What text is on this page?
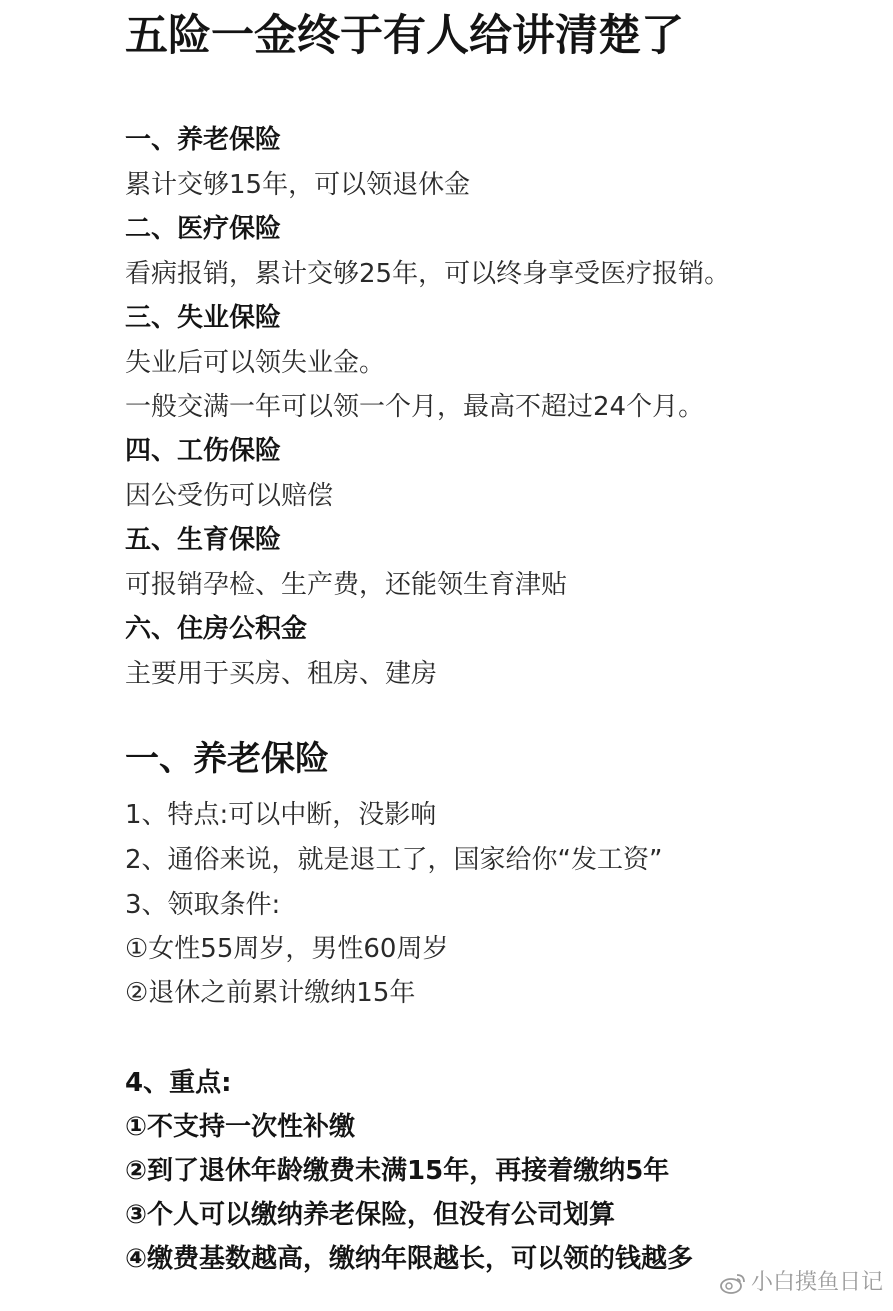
五险一金终于有人给讲清楚了
一、养老保险
累计交够15年，可以领退休金
二、医疗保险
看病报销，累计交够25年，可以终身享受医疗报销。
三、失业保险
失业后可以领失业金。
一般交满一年可以领一个月，最高不超过24个月。
四、工伤保险
因公受伤可以赔偿
五、生育保险
可报销孕检、生产费，还能领生育津贴
六、住房公积金
主要用于买房、租房、建房
一、养老保险
1、特点:可以中断，没影响
2、通俗来说，就是退工了，国家给你“发工资”
3、领取条件:
①女性55周岁，男性60周岁
②退休之前累计缴纳15年
4、重点:
①不支持一次性补缴
②到了退休年龄缴费未满15年，再接着缴纳5年
③个人可以缴纳养老保险，但没有公司划算
④缴费基数越高，缴纳年限越长，可以领的钱越多
小白摸鱼日记
